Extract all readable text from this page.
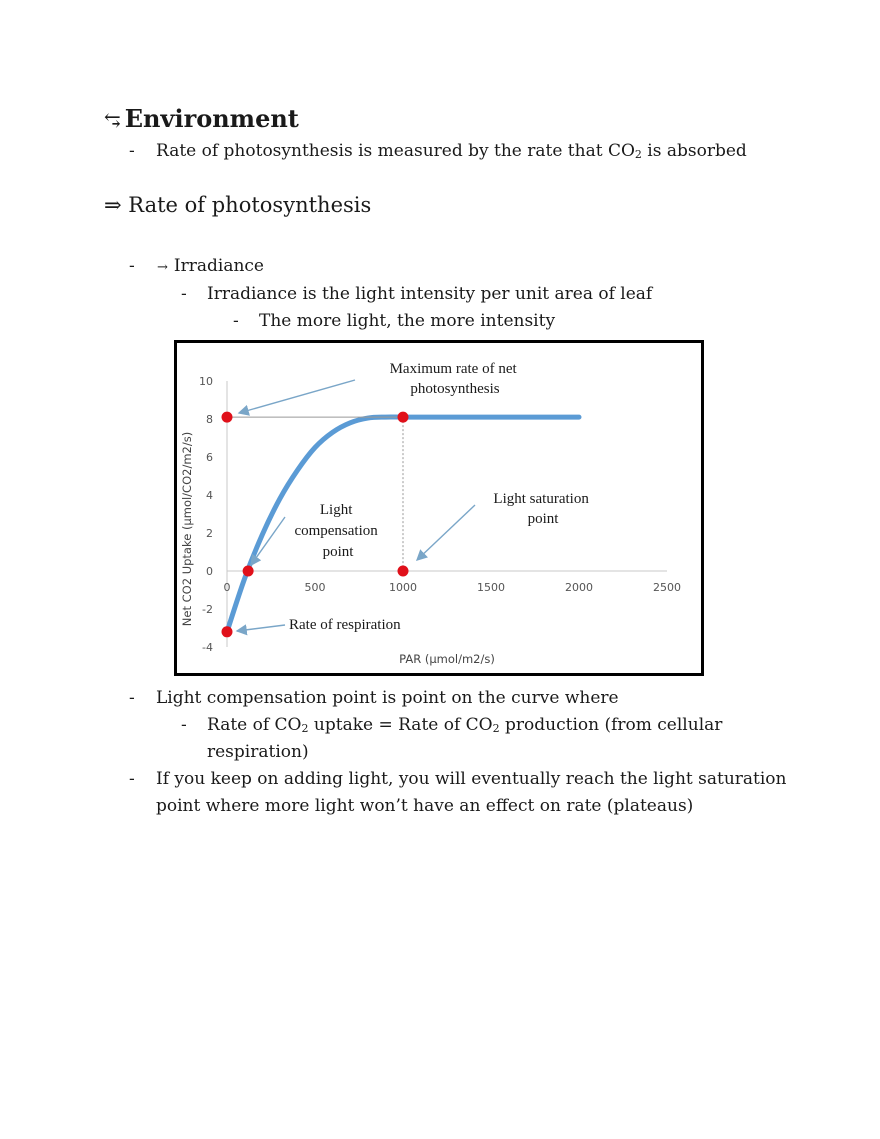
⥃ Environment
- Rate of photosynthesis is measured by the rate that $CO_2$ is absorbed
⇒ Rate of photosynthesis
- → Irradiance
- Irradiance is the light intensity per unit area of leaf
- The more light, the more intensity
10
8
6
4
2
0
-2
-4
0	500	1000	1500	2000	2500
Net CO2 Uptake (µmol/CO2/m2/s)
PAR (µmol/m2/s)
Maximum rate of net photosynthesis
Light saturation point
Light compensation point
Rate of respiration
- Light compensation point is point on the curve where
- Rate of $CO_2$ uptake = Rate of $CO_2$ production (from cellular
respiration)
- If you keep on adding light, you will eventually reach the light saturation
point where more light won’t have an effect on rate (plateaus)
